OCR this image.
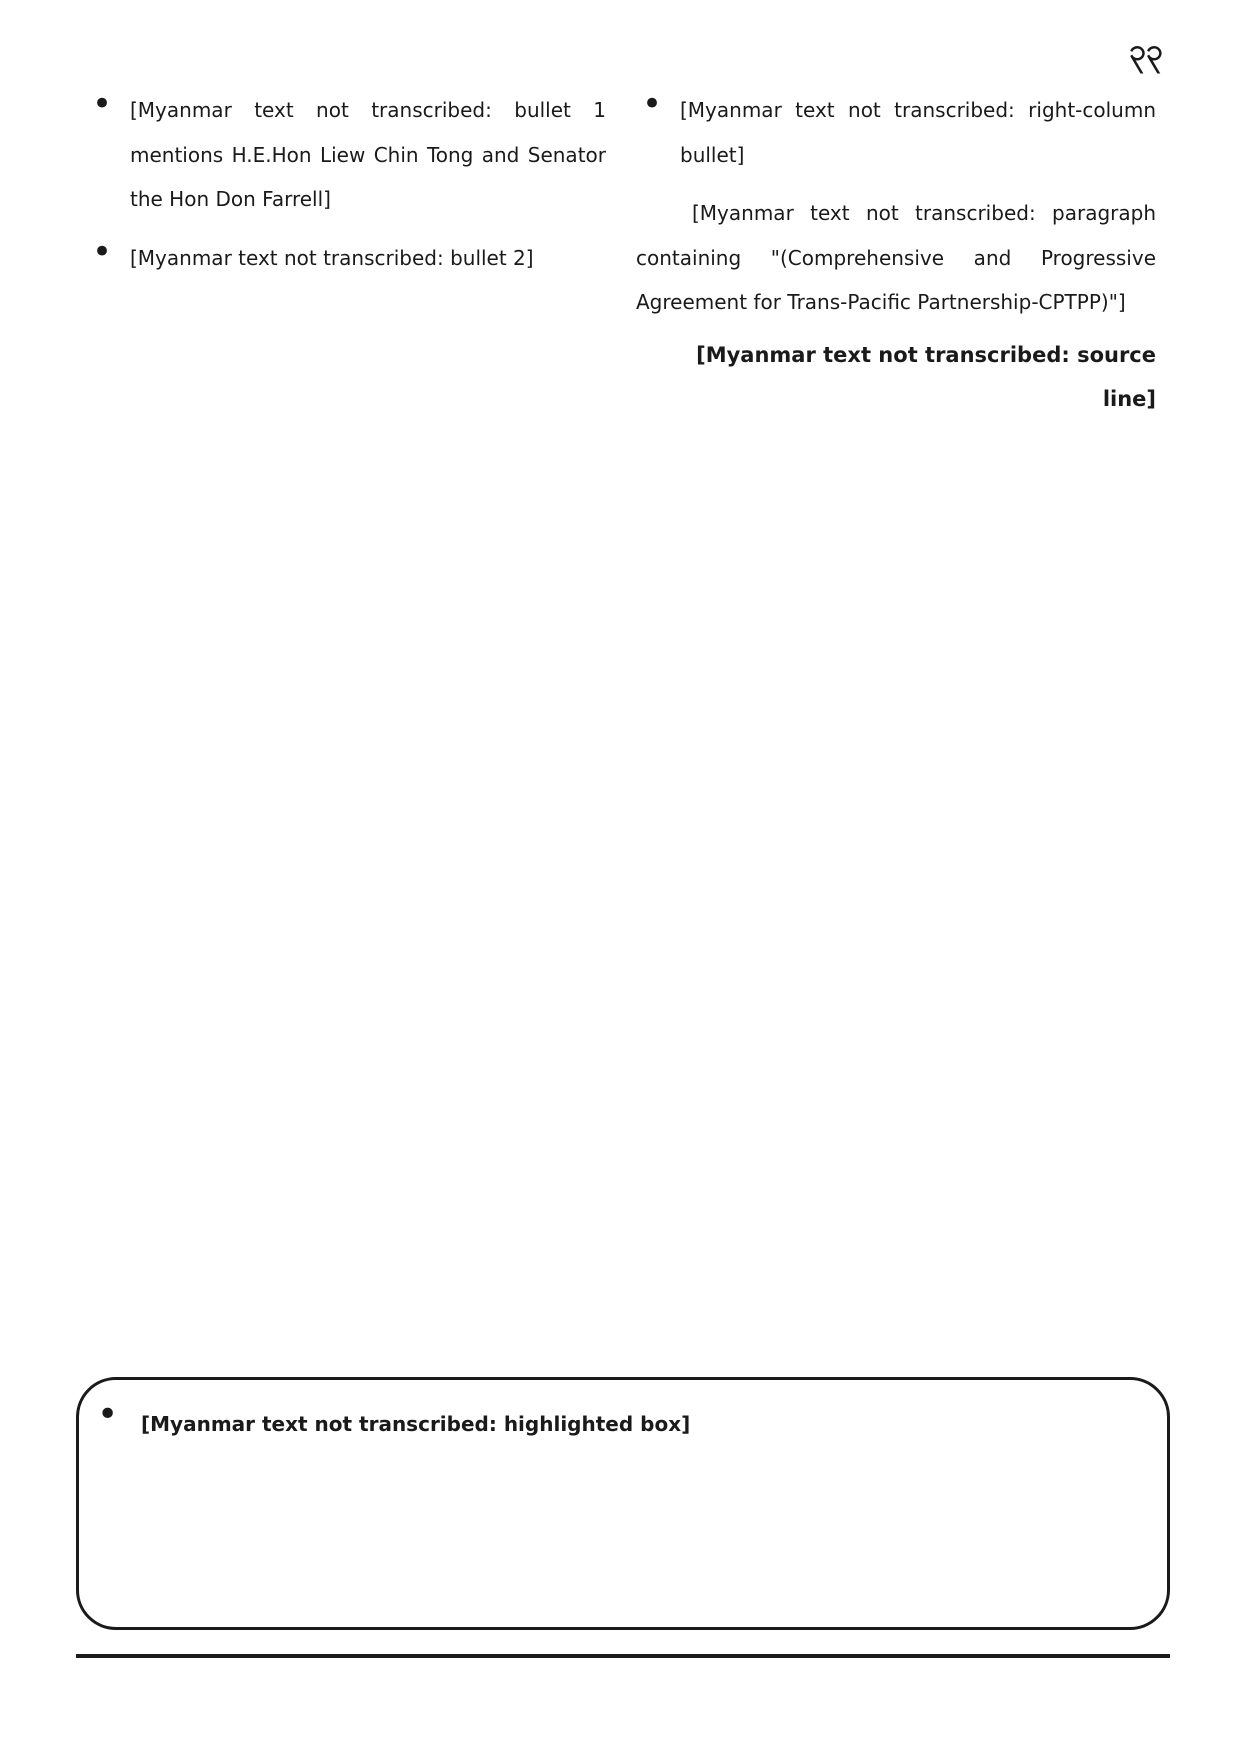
၃၃

• [Myanmar text not transcribed: bullet 1 mentions H.E.Hon Liew Chin Tong and Senator the Hon Don Farrell]

• [Myanmar text not transcribed: bullet 2]

• [Myanmar text not transcribed: right-column bullet]

[Myanmar text not transcribed: paragraph containing "(Comprehensive and Progressive Agreement for Trans-Pacific Partnership-CPTPP)"]

[Myanmar text not transcribed: source line]

• [Myanmar text not transcribed: highlighted box]
